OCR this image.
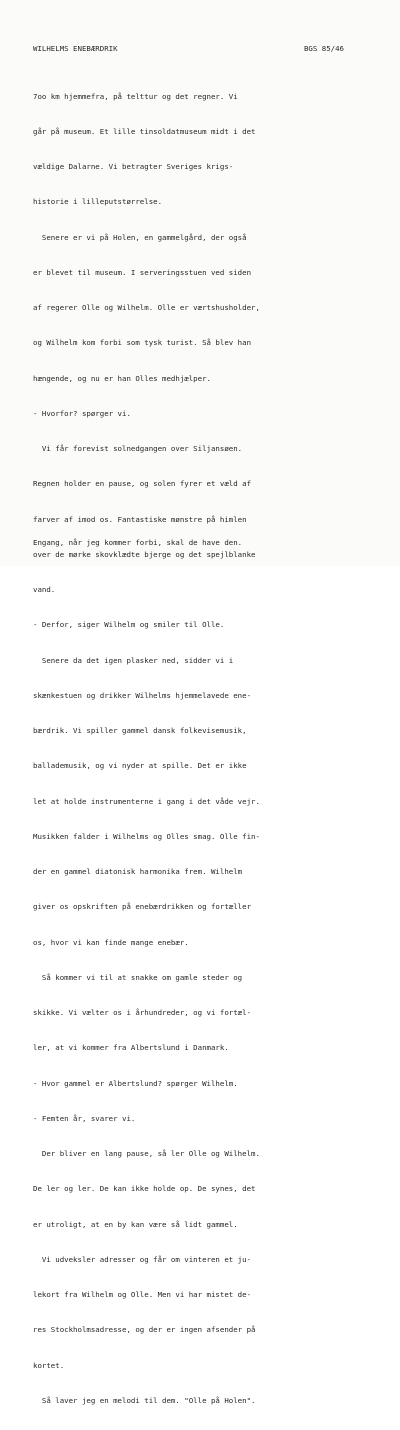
WILHELMS ENEBÆRDRIK	BGS 85/46

7oo km hjemmefra, på telttur og det regner. Vi

går på museum. Et lille tinsoldatmuseum midt i det

vældige Dalarne. Vi betragter Sveriges krigs-

historie i lilleputstørrelse.

Senere er vi på Holen, en gammelgård, der også

er blevet til museum. I serveringsstuen ved siden

af regerer Olle og Wilhelm. Olle er værtshusholder,

og Wilhelm kom forbi som tysk turist. Så blev han

hængende, og nu er han Olles medhjælper.

- Hvorfor? spørger vi.

Vi får forevist solnedgangen over Siljansøen.

Regnen holder en pause, og solen fyrer et væld af

farver af imod os. Fantastiske mønstre på himlen

over de mørke skovklædte bjerge og det spejlblanke

vand.

- Derfor, siger Wilhelm og smiler til Olle.

Senere da det igen plasker ned, sidder vi i

skænkestuen og drikker Wilhelms hjemmelavede ene-

bærdrik. Vi spiller gammel dansk folkevisemusik,

ballademusik, og vi nyder at spille. Det er ikke

let at holde instrumenterne i gang i det våde vejr.

Musikken falder i Wilhelms og Olles smag. Olle fin-

der en gammel diatonisk harmonika frem. Wilhelm

giver os opskriften på enebærdrikken og fortæller

os, hvor vi kan finde mange enebær.

Så kommer vi til at snakke om gamle steder og

skikke. Vi vælter os i århundreder, og vi fortæl-

ler, at vi kommer fra Albertslund i Danmark.

- Hvor gammel er Albertslund? spørger Wilhelm.

- Femten år, svarer vi.

Der bliver en lang pause, så ler Olle og Wilhelm.

De ler og ler. De kan ikke holde op. De synes, det

er utroligt, at en by kan være så lidt gammel.

Vi udveksler adresser og får om vinteren et ju-

lekort fra Wilhelm og Olle. Men vi har mistet de-

res Stockholmsadresse, og der er ingen afsender på

kortet.

Så laver jeg en melodi til dem. "Olle på Holen".

Engang, når jeg kommer forbi, skal de have den.
